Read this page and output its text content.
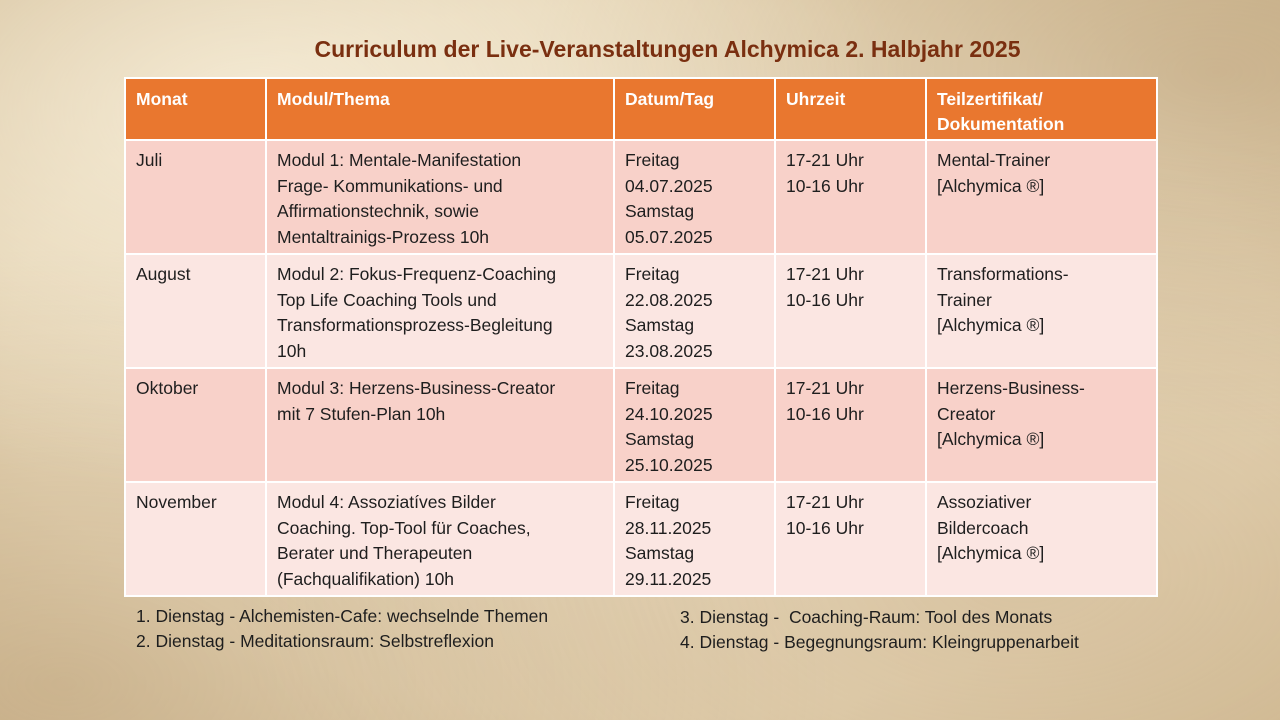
Curriculum der Live-Veranstaltungen Alchymica 2. Halbjahr 2025
Monat	Modul/Thema	Datum/Tag	Uhrzeit	Teilzertifikat/
Dokumentation

Juli	Modul 1: Mentale-Manifestation
Frage- Kommunikations- und
Affirmationstechnik, sowie
Mentaltrainigs-Prozess 10h	Freitag
04.07.2025
Samstag
05.07.2025	17-21 Uhr
10-16 Uhr	Mental-Trainer
[Alchymica ®]

August	Modul 2: Fokus-Frequenz-Coaching
Top Life Coaching Tools und
Transformationsprozess-Begleitung
10h	Freitag
22.08.2025
Samstag
23.08.2025	17-21 Uhr
10-16 Uhr	Transformations-
Trainer
[Alchymica ®]

Oktober	Modul 3: Herzens-Business-Creator
mit 7 Stufen-Plan 10h	Freitag
24.10.2025
Samstag
25.10.2025	17-21 Uhr
10-16 Uhr	Herzens-Business-
Creator
[Alchymica ®]

November	Modul 4: Assoziatíves Bilder
Coaching. Top-Tool für Coaches,
Berater und Therapeuten
(Fachqualifikation) 10h	Freitag
28.11.2025
Samstag
29.11.2025	17-21 Uhr
10-16 Uhr	Assoziativer
Bildercoach
[Alchymica ®]
1. Dienstag - Alchemisten-Cafe: wechselnde Themen
2. Dienstag - Meditationsraum: Selbstreflexion
3. Dienstag -  Coaching-Raum: Tool des Monats
4. Dienstag - Begegnungsraum: Kleingruppenarbeit
